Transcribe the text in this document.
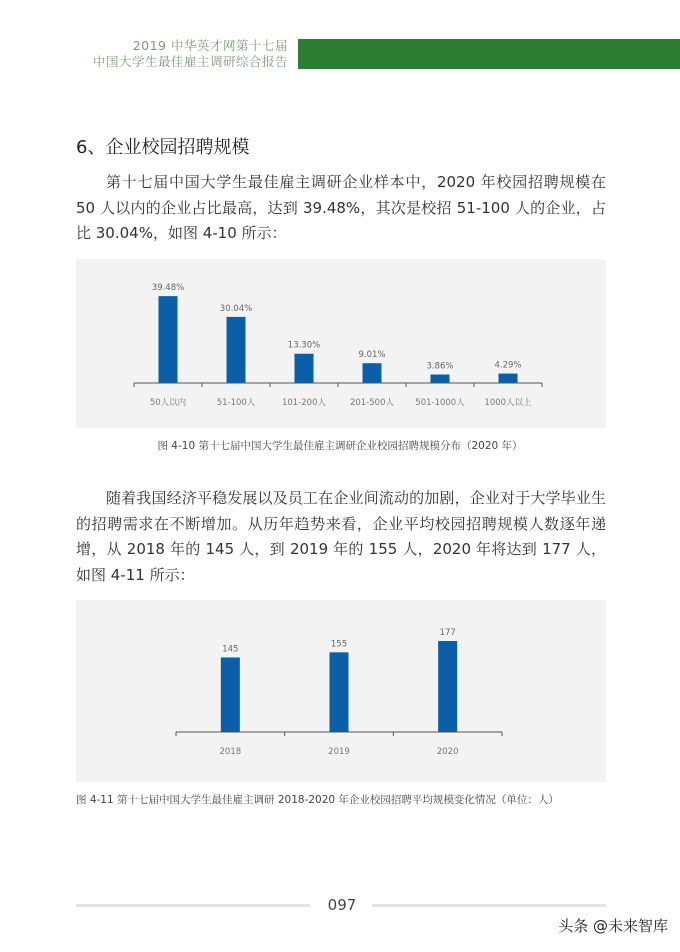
2019 中华英才网第十七届
中国大学生最佳雇主调研综合报告
6、企业校园招聘规模
第十七届中国大学生最佳雇主调研企业样本中，2020 年校园招聘规模在 50 人以内的企业占比最高，达到 39.48%，其次是校招 51-100 人的企业，占比 30.04%，如图 4-10 所示：
39.48%
50人以内
30.04%
51-100人
13.30%
101-200人
9.01%
201-500人
3.86%
501-1000人
4.29%
1000人以上
图 4-10 第十七届中国大学生最佳雇主调研企业校园招聘规模分布（2020 年）
随着我国经济平稳发展以及员工在企业间流动的加剧，企业对于大学毕业生的招聘需求在不断增加。从历年趋势来看，企业平均校园招聘规模人数逐年递增，从 2018 年的 145 人，到 2019 年的 155 人，2020 年将达到 177 人，如图 4-11 所示：
145
2018
155
2019
177
2020
图 4-11 第十七届中国大学生最佳雇主调研 2018-2020 年企业校园招聘平均规模变化情况（单位：人）
097
头条 @未来智库
